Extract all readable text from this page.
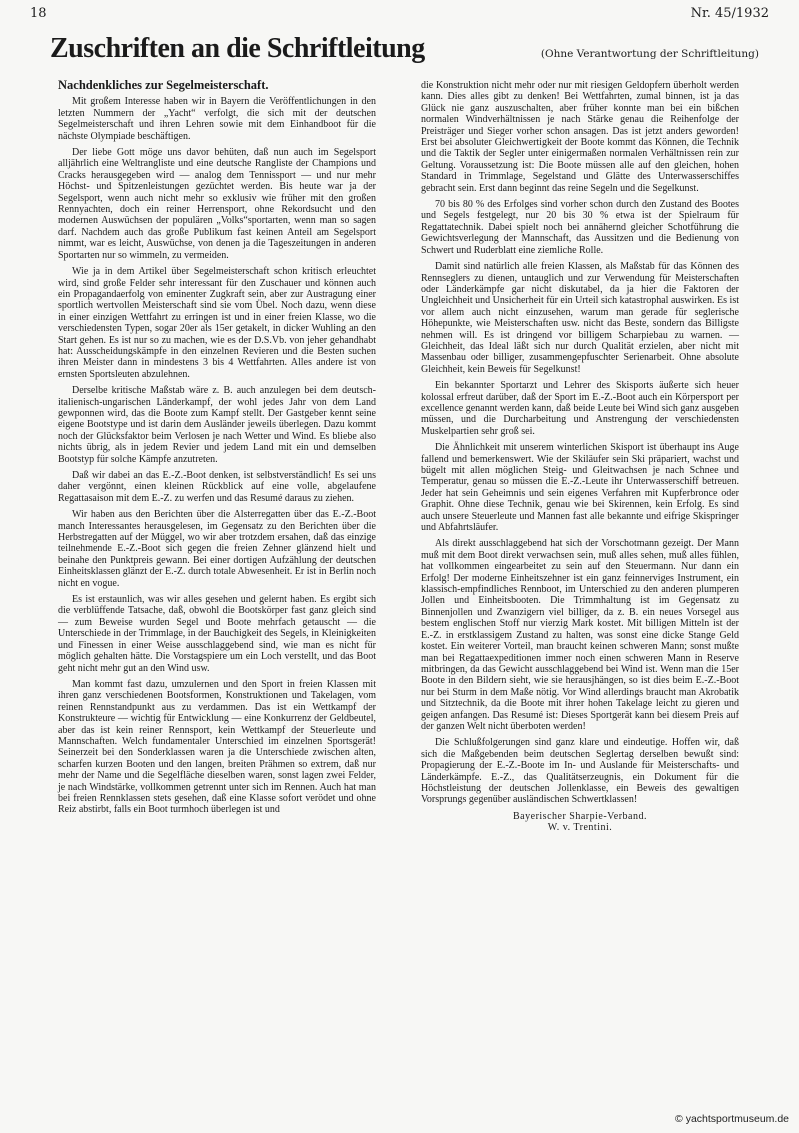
18	Nr. 45/1932
Zuschriften an die Schriftleitung	(Ohne Verantwortung der Schriftleitung)
Nachdenkliches zur Segelmeisterschaft.

Mit großem Interesse haben wir in Bayern die Veröffentlichungen in den letzten Nummern der „Yacht“ verfolgt, die sich mit der deutschen Segelmeisterschaft und ihren Lehren sowie mit dem Einhandboot für die nächste Olympiade beschäftigen.

Der liebe Gott möge uns davor behüten, daß nun auch im Segelsport alljährlich eine Weltrangliste und eine deutsche Rangliste der Champions und Cracks herausgegeben wird — analog dem Tennissport — und nur mehr Höchst- und Spitzenleistungen gezüchtet werden. Bis heute war ja der Segelsport, wenn auch nicht mehr so exklusiv wie früher mit den großen Rennyachten, doch ein reiner Herrensport, ohne Rekordsucht und den modernen Auswüchsen der populären „Volks“sportarten, wenn man so sagen darf. Nachdem auch das große Publikum fast keinen Anteil am Segelsport nimmt, war es leicht, Auswüchse, von denen ja die Tageszeitungen in anderen Sportarten nur so wimmeln, zu vermeiden.

Wie ja in dem Artikel über Segelmeisterschaft schon kritisch erleuchtet wird, sind große Felder sehr interessant für den Zuschauer und können auch ein Propagandaerfolg von eminenter Zugkraft sein, aber zur Austragung einer sportlich wertvollen Meisterschaft sind sie vom Übel. Noch dazu, wenn diese in einer einzigen Wettfahrt zu erringen ist und in einer freien Klasse, wo die verschiedensten Typen, sogar 20er als 15er getakelt, in dicker Wuhling an den Start gehen. Es ist nur so zu machen, wie es der D.S.Vb. von jeher gehandhabt hat: Ausscheidungskämpfe in den einzelnen Revieren und die Besten suchen ihren Meister dann in mindestens 3 bis 4 Wettfahrten. Alles andere ist von ernsten Sportsleuten abzulehnen.

Derselbe kritische Maßstab wäre z. B. auch anzulegen bei dem deutsch-italienisch-ungarischen Länderkampf, der wohl jedes Jahr von dem Land gewponnen wird, das die Boote zum Kampf stellt. Der Gastgeber kennt seine eigene Bootstype und ist darin dem Ausländer jeweils überlegen. Dazu kommt noch der Glücksfaktor beim Verlosen je nach Wetter und Wind. Es bliebe also nichts übrig, als in jedem Revier und jedem Land mit ein und demselben Bootstyp für solche Kämpfe anzutreten.

Daß wir dabei an das E.-Z.-Boot denken, ist selbstverständlich! Es sei uns daher vergönnt, einen kleinen Rückblick auf eine volle, abgelaufene Regattasaison mit dem E.-Z. zu werfen und das Resumé daraus zu ziehen.

Wir haben aus den Berichten über die Alsterregatten über das E.-Z.-Boot manch Interessantes herausgelesen, im Gegensatz zu den Berichten über die Herbstregatten auf der Müggel, wo wir aber trotzdem ersahen, daß das einzige teilnehmende E.-Z.-Boot sich gegen die freien Zehner glänzend hielt und beinahe den Punktpreis gewann. Bei einer dortigen Aufzählung der deutschen Einheitsklassen glänzt der E.-Z. durch totale Abwesenheit. Er ist in Berlin noch nicht en vogue.

Es ist erstaunlich, was wir alles gesehen und gelernt haben. Es ergibt sich die verblüffende Tatsache, daß, obwohl die Bootskörper fast ganz gleich sind — zum Beweise wurden Segel und Boote mehrfach getauscht — die Unterschiede in der Trimmlage, in der Bauchigkeit des Segels, in Kleinigkeiten und Finessen in einer Weise ausschlaggebend sind, wie man es nicht für möglich gehalten hätte. Die Vorstagspiere um ein Loch verstellt, und das Boot geht nicht mehr gut an den Wind usw.

Man kommt fast dazu, umzulernen und den Sport in freien Klassen mit ihren ganz verschiedenen Bootsformen, Konstruktionen und Takelagen, vom reinen Rennstandpunkt aus zu verdammen. Das ist ein Wettkampf der Konstrukteure — wichtig für Entwicklung — eine Konkurrenz der Geldbeutel, aber das ist kein reiner Rennsport, kein Wettkampf der Steuerleute und Mannschaften. Welch fundamentaler Unterschied im einzelnen Sportsgerät! Seinerzeit bei den Sonderklassen waren ja die Unterschiede zwischen alten, scharfen kurzen Booten und den langen, breiten Prähmen so extrem, daß nur mehr der Name und die Segelfläche dieselben waren, sonst lagen zwei Felder, je nach Windstärke, vollkommen getrennt unter sich im Rennen. Auch hat man bei freien Rennklassen stets gesehen, daß eine Klasse sofort verödet und ohne Reiz abstirbt, falls ein Boot turmhoch überlegen ist und

die Konstruktion nicht mehr oder nur mit riesigen Geldopfern überholt werden kann. Dies alles gibt zu denken! Bei Wettfahrten, zumal binnen, ist ja das Glück nie ganz auszuschalten, aber früher konnte man bei ein bißchen normalen Windverhältnissen je nach Stärke genau die Reihenfolge der Preisträger und Sieger vorher schon ansagen. Das ist jetzt anders geworden! Erst bei absoluter Gleichwertigkeit der Boote kommt das Können, die Technik und die Taktik der Segler unter einigermaßen normalen Verhältnissen rein zur Geltung. Voraussetzung ist: Die Boote müssen alle auf den gleichen, hohen Standard in Trimmlage, Segelstand und Glätte des Unterwasserschiffes gebracht sein. Erst dann beginnt das reine Segeln und die Segelkunst.

70 bis 80 % des Erfolges sind vorher schon durch den Zustand des Bootes und Segels festgelegt, nur 20 bis 30 % etwa ist der Spielraum für Regattatechnik. Dabei spielt noch bei annähernd gleicher Schotführung die Gewichtsverlegung der Mannschaft, das Aussitzen und die Bedienung von Schwert und Ruderblatt eine ziemliche Rolle.

Damit sind natürlich alle freien Klassen, als Maßstab für das Können des Rennseglers zu dienen, untauglich und zur Verwendung für Meisterschaften oder Länderkämpfe gar nicht diskutabel, da ja hier die Faktoren der Ungleichheit und Unsicherheit für ein Urteil sich katastrophal auswirken. Es ist vor allem auch nicht einzusehen, warum man gerade für seglerische Höhepunkte, wie Meisterschaften usw. nicht das Beste, sondern das Billigste nehmen will. Es ist dringend vor billigem Scharpiebau zu warnen. — Gleichheit, das Ideal läßt sich nur durch Qualität erzielen, aber nicht mit Massenbau oder billiger, zusammengepfuschter Serienarbeit. Ohne absolute Gleichheit, kein Beweis für Segelkunst!

Ein bekannter Sportarzt und Lehrer des Skisports äußerte sich heuer kolossal erfreut darüber, daß der Sport im E.-Z.-Boot auch ein Körpersport per excellence genannt werden kann, daß beide Leute bei Wind sich ganz ausgeben müssen, und die Durcharbeitung und Anstrengung der verschiedensten Muskelpartien sehr groß sei.

Die Ähnlichkeit mit unserem winterlichen Skisport ist überhaupt ins Auge fallend und bemerkenswert. Wie der Skiläufer sein Ski präpariert, wachst und bügelt mit allen möglichen Steig- und Gleitwachsen je nach Schnee und Temperatur, genau so müssen die E.-Z.-Leute ihr Unterwasserschiff betreuen. Jeder hat sein Geheimnis und sein eigenes Verfahren mit Kupferbronce oder Graphit. Ohne diese Technik, genau wie bei Skirennen, kein Erfolg. Es sind auch unsere Steuerleute und Mannen fast alle bekannte und eifrige Skispringer und Abfahrtsläufer.

Als direkt ausschlaggebend hat sich der Vorschotmann gezeigt. Der Mann muß mit dem Boot direkt verwachsen sein, muß alles sehen, muß alles fühlen, hat vollkommen eingearbeitet zu sein auf den Steuermann. Nur dann ein Erfolg! Der moderne Einheitszehner ist ein ganz feinnerviges Instrument, ein klassisch-empfindliches Rennboot, im Unterschied zu den anderen plumperen Jollen und Einheitsbooten. Die Trimmhaltung ist im Gegensatz zu Binnenjollen und Zwanzigern viel billiger, da z. B. ein neues Vorsegel aus bestem englischen Stoff nur vierzig Mark kostet. Mit billigen Mitteln ist der E.-Z. in erstklassigem Zustand zu halten, was sonst eine dicke Stange Geld kostet. Ein weiterer Vorteil, man braucht keinen schweren Mann; sonst mußte man bei Regattaexpeditionen immer noch einen schweren Mann in Reserve mitbringen, da das Gewicht ausschlaggebend bei Wind ist. Wenn man die 15er Boote in den Bildern sieht, wie sie herausjhängen, so ist dies beim E.-Z.-Boot nur bei Sturm in dem Maße nötig. Vor Wind allerdings braucht man Akrobatik und Sitztechnik, da die Boote mit ihrer hohen Takelage leicht zu gieren und geigen anfangen. Das Resumé ist: Dieses Sportgerät kann bei diesem Preis auf der ganzen Welt nicht überboten werden!

Die Schlußfolgerungen sind ganz klare und eindeutige. Hoffen wir, daß sich die Maßgebenden beim deutschen Seglertag derselben bewußt sind: Propagierung der E.-Z.-Boote im In- und Auslande für Meisterschafts- und Länderkämpfe. E.-Z., das Qualitätserzeugnis, ein Dokument für die Höchstleistung der deutschen Jollenklasse, ein Beweis des gewaltigen Vorsprungs gegenüber ausländischen Schwertklassen!

Bayerischer Sharpie-Verband.
W. v. Trentini.
© yachtsportmuseum.de
